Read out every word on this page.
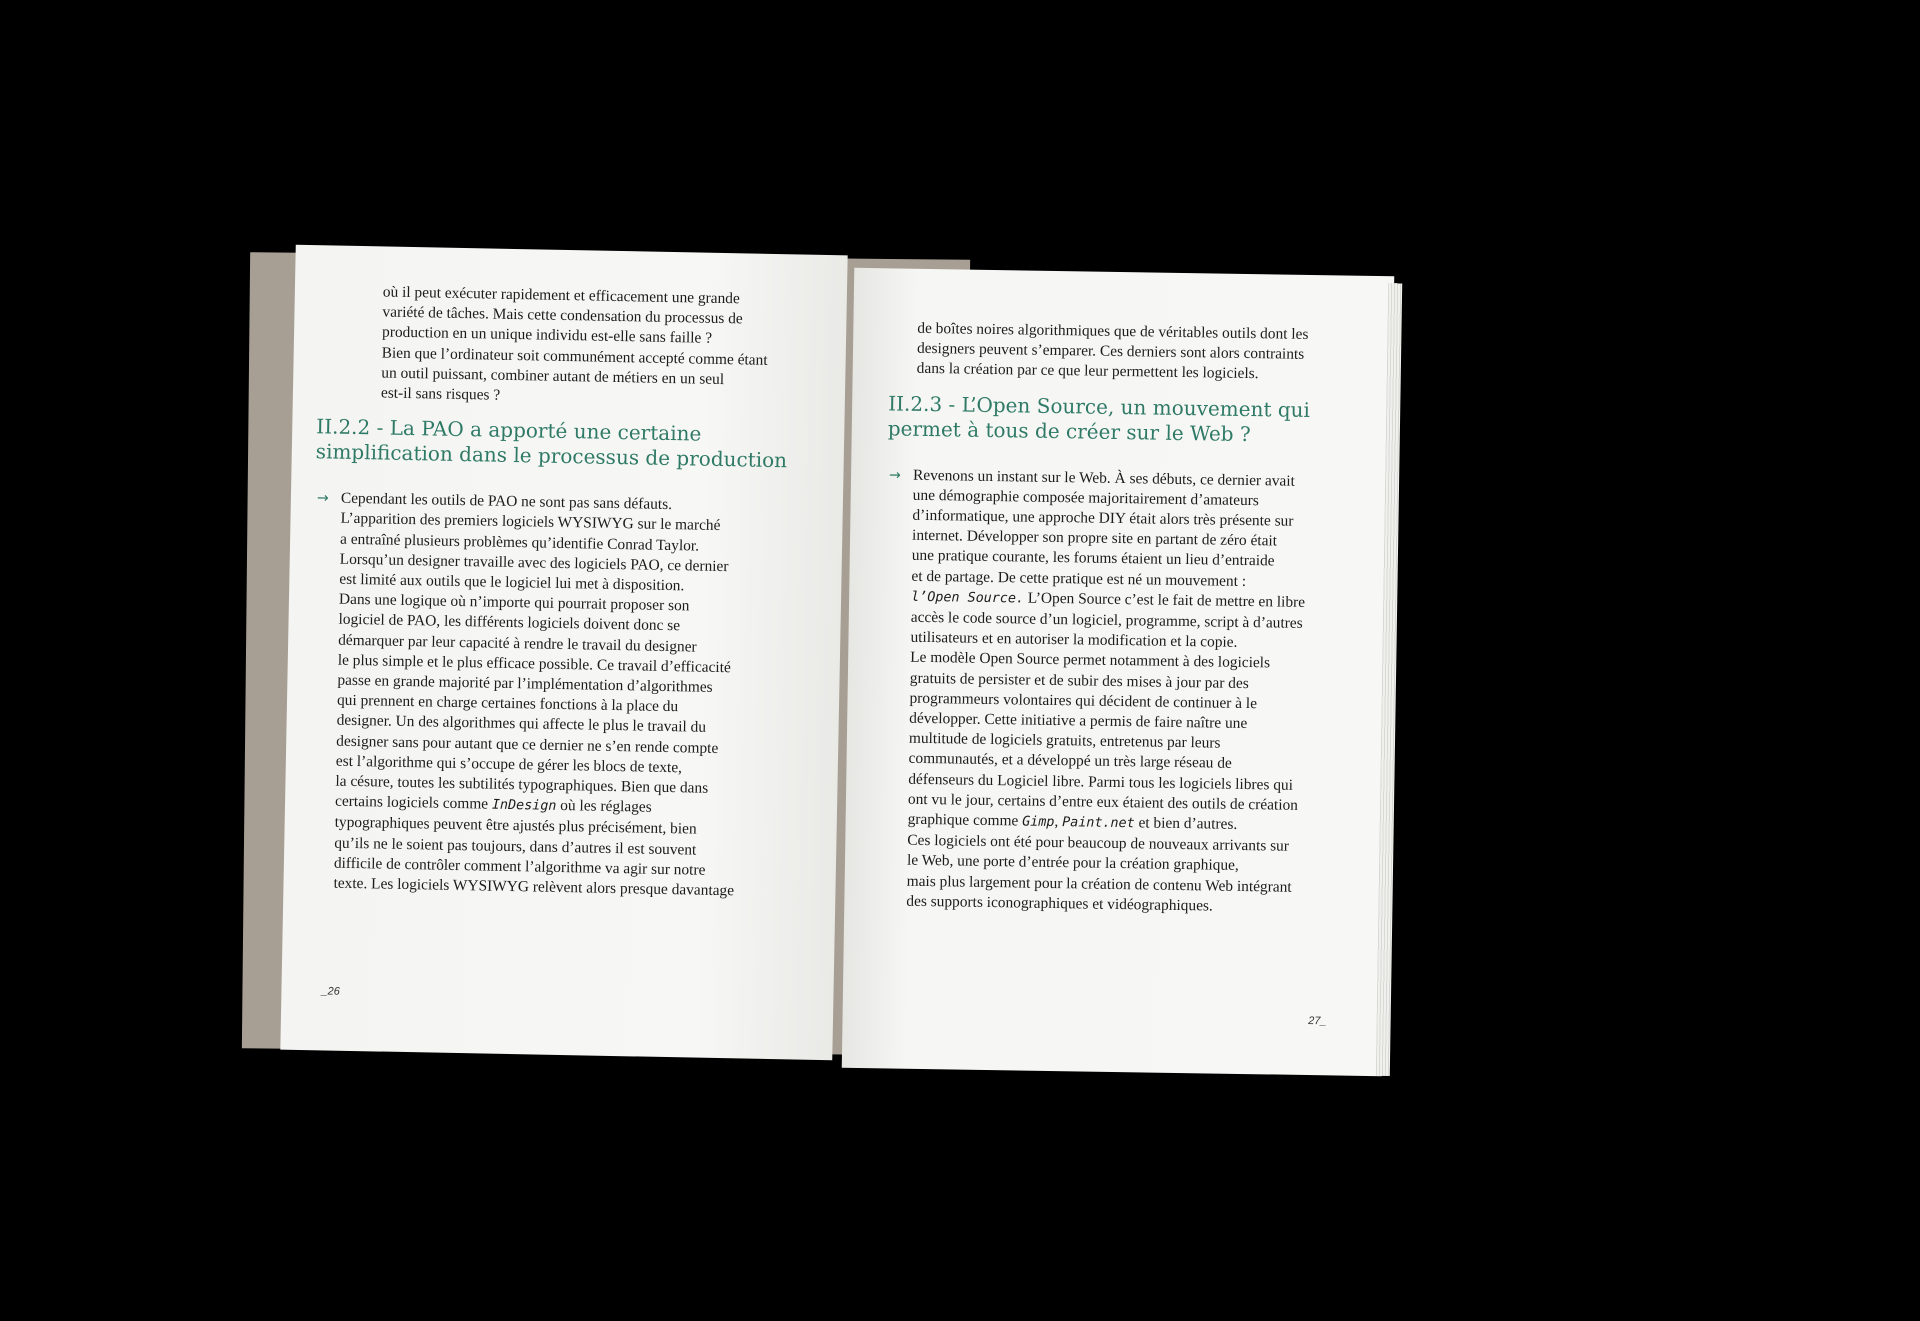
où il peut exécuter rapidement et efficacement une grande
variété de tâches. Mais cette condensation du processus de
production en un unique individu est-elle sans faille ?
Bien que l’ordinateur soit communément accepté comme étant
un outil puissant, combiner autant de métiers en un seul
est-il sans risques ?
II.2.2 - La PAO a apporté une certaine
simplification dans le processus de production
→ Cependant les outils de PAO ne sont pas sans défauts.
L’apparition des premiers logiciels WYSIWYG sur le marché
a entraîné plusieurs problèmes qu’identifie Conrad Taylor.
Lorsqu’un designer travaille avec des logiciels PAO, ce dernier
est limité aux outils que le logiciel lui met à disposition.
Dans une logique où n’importe qui pourrait proposer son
logiciel de PAO, les différents logiciels doivent donc se
démarquer par leur capacité à rendre le travail du designer
le plus simple et le plus efficace possible. Ce travail d’efficacité
passe en grande majorité par l’implémentation d’algorithmes
qui prennent en charge certaines fonctions à la place du
designer. Un des algorithmes qui affecte le plus le travail du
designer sans pour autant que ce dernier ne s’en rende compte
est l’algorithme qui s’occupe de gérer les blocs de texte,
la césure, toutes les subtilités typographiques. Bien que dans
certains logiciels comme InDesign où les réglages
typographiques peuvent être ajustés plus précisément, bien
qu’ils ne le soient pas toujours, dans d’autres il est souvent
difficile de contrôler comment l’algorithme va agir sur notre
texte. Les logiciels WYSIWYG relèvent alors presque davantage
_26
de boîtes noires algorithmiques que de véritables outils dont les
designers peuvent s’emparer. Ces derniers sont alors contraints
dans la création par ce que leur permettent les logiciels.
II.2.3 - L’Open Source, un mouvement qui
permet à tous de créer sur le Web ?
→ Revenons un instant sur le Web. À ses débuts, ce dernier avait
une démographie composée majoritairement d’amateurs
d’informatique, une approche DIY était alors très présente sur
internet. Développer son propre site en partant de zéro était
une pratique courante, les forums étaient un lieu d’entraide
et de partage. De cette pratique est né un mouvement :
l’Open Source. L’Open Source c’est le fait de mettre en libre
accès le code source d’un logiciel, programme, script à d’autres
utilisateurs et en autoriser la modification et la copie.
Le modèle Open Source permet notamment à des logiciels
gratuits de persister et de subir des mises à jour par des
programmeurs volontaires qui décident de continuer à le
développer. Cette initiative a permis de faire naître une
multitude de logiciels gratuits, entretenus par leurs
communautés, et a développé un très large réseau de
défenseurs du Logiciel libre. Parmi tous les logiciels libres qui
ont vu le jour, certains d’entre eux étaient des outils de création
graphique comme Gimp, Paint.net et bien d’autres.
Ces logiciels ont été pour beaucoup de nouveaux arrivants sur
le Web, une porte d’entrée pour la création graphique,
mais plus largement pour la création de contenu Web intégrant
des supports iconographiques et vidéographiques.
27_
